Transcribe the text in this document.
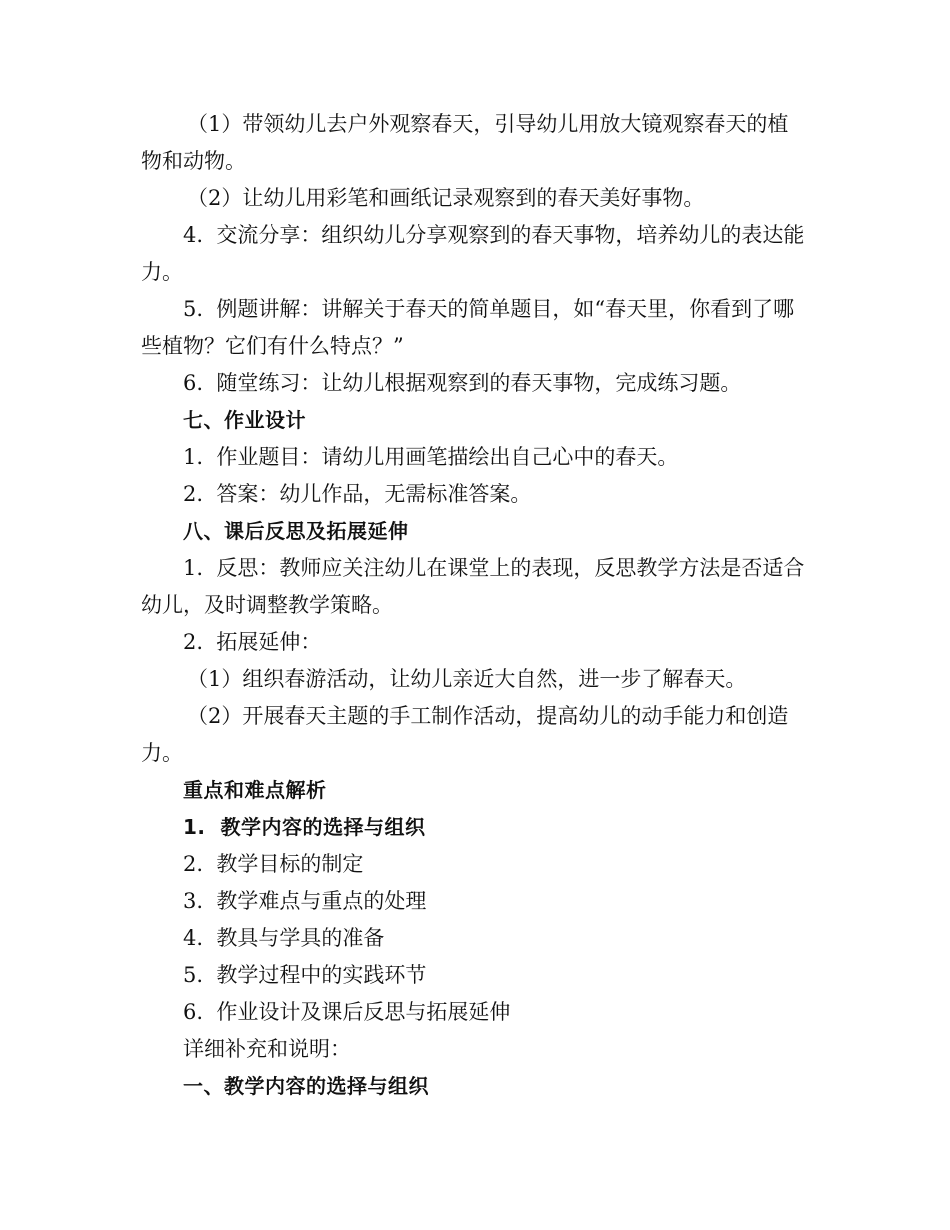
（1）带领幼儿去户外观察春天，引导幼儿用放大镜观察春天的植物和动物。

（2）让幼儿用彩笔和画纸记录观察到的春天美好事物。

4.  交流分享：组织幼儿分享观察到的春天事物，培养幼儿的表达能力。

5.  例题讲解：讲解关于春天的简单题目，如“春天里，你看到了哪些植物？它们有什么特点？”

6.  随堂练习：让幼儿根据观察到的春天事物，完成练习题。

七、作业设计

1.  作业题目：请幼儿用画笔描绘出自己心中的春天。

2.  答案：幼儿作品，无需标准答案。

八、课后反思及拓展延伸

1.  反思：教师应关注幼儿在课堂上的表现，反思教学方法是否适合幼儿，及时调整教学策略。

2.  拓展延伸：

（1）组织春游活动，让幼儿亲近大自然，进一步了解春天。

（2）开展春天主题的手工制作活动，提高幼儿的动手能力和创造力。

重点和难点解析

1.  教学内容的选择与组织

2.  教学目标的制定

3.  教学难点与重点的处理

4.  教具与学具的准备

5.  教学过程中的实践环节

6.  作业设计及课后反思与拓展延伸

详细补充和说明：

一、教学内容的选择与组织
